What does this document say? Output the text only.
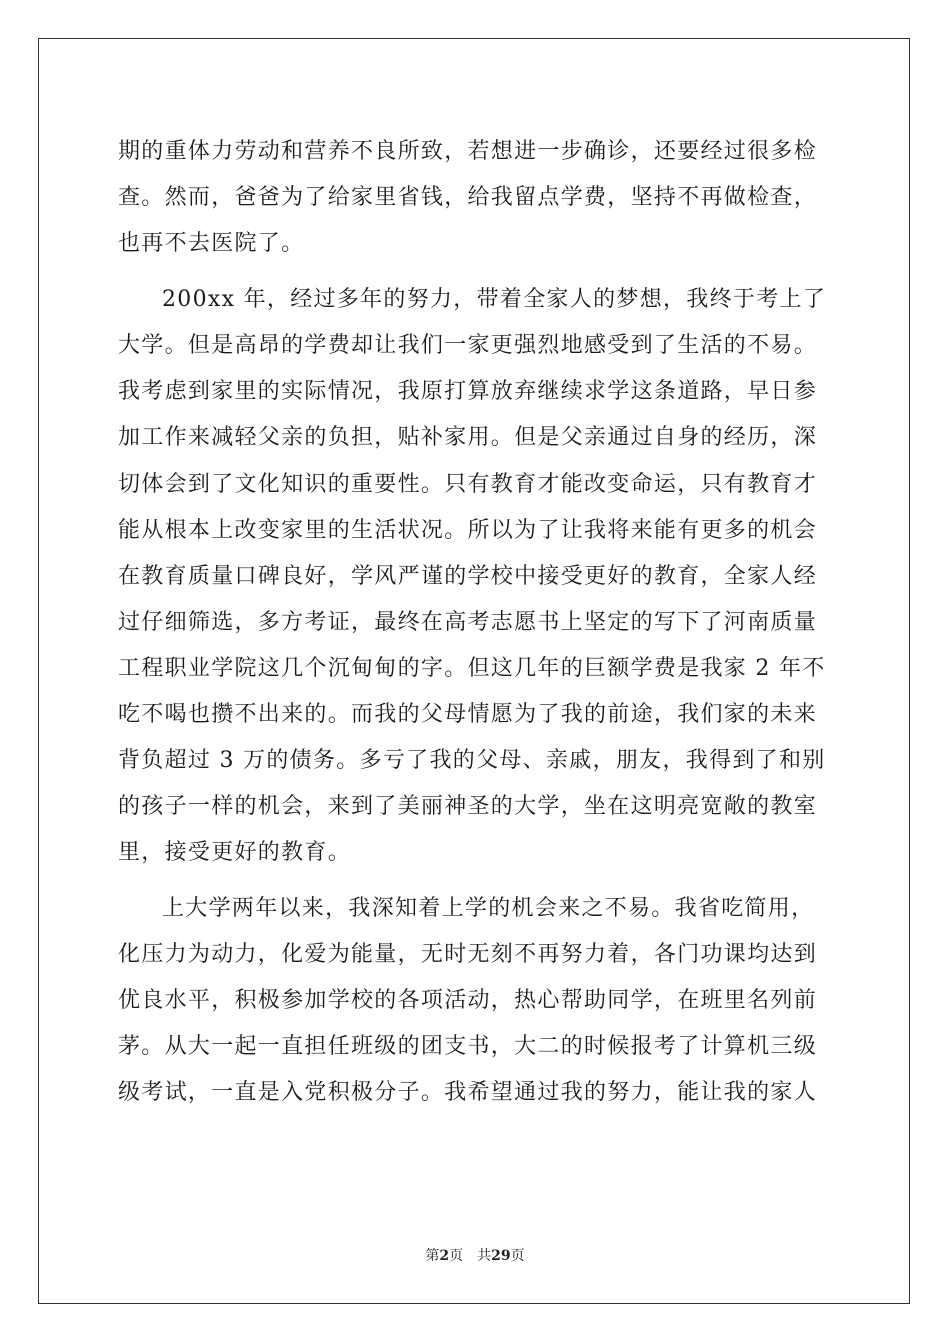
期的重体力劳动和营养不良所致，若想进一步确诊，还要经过很多检
查。然而，爸爸为了给家里省钱，给我留点学费，坚持不再做检查，
也再不去医院了。
200xx 年，经过多年的努力，带着全家人的梦想，我终于考上了
大学。但是高昂的学费却让我们一家更强烈地感受到了生活的不易。
我考虑到家里的实际情况，我原打算放弃继续求学这条道路，早日参
加工作来减轻父亲的负担，贴补家用。但是父亲通过自身的经历，深
切体会到了文化知识的重要性。只有教育才能改变命运，只有教育才
能从根本上改变家里的生活状况。所以为了让我将来能有更多的机会
在教育质量口碑良好，学风严谨的学校中接受更好的教育，全家人经
过仔细筛选，多方考证，最终在高考志愿书上坚定的写下了河南质量
工程职业学院这几个沉甸甸的字。但这几年的巨额学费是我家 2 年不
吃不喝也攒不出来的。而我的父母情愿为了我的前途，我们家的未来
背负超过 3 万的债务。多亏了我的父母、亲戚，朋友，我得到了和别
的孩子一样的机会，来到了美丽神圣的大学，坐在这明亮宽敞的教室
里，接受更好的教育。
上大学两年以来，我深知着上学的机会来之不易。我省吃简用，
化压力为动力，化爱为能量，无时无刻不再努力着，各门功课均达到
优良水平，积极参加学校的各项活动，热心帮助同学，在班里名列前
茅。从大一起一直担任班级的团支书，大二的时候报考了计算机三级
级考试，一直是入党积极分子。我希望通过我的努力，能让我的家人
第2页 共29页
